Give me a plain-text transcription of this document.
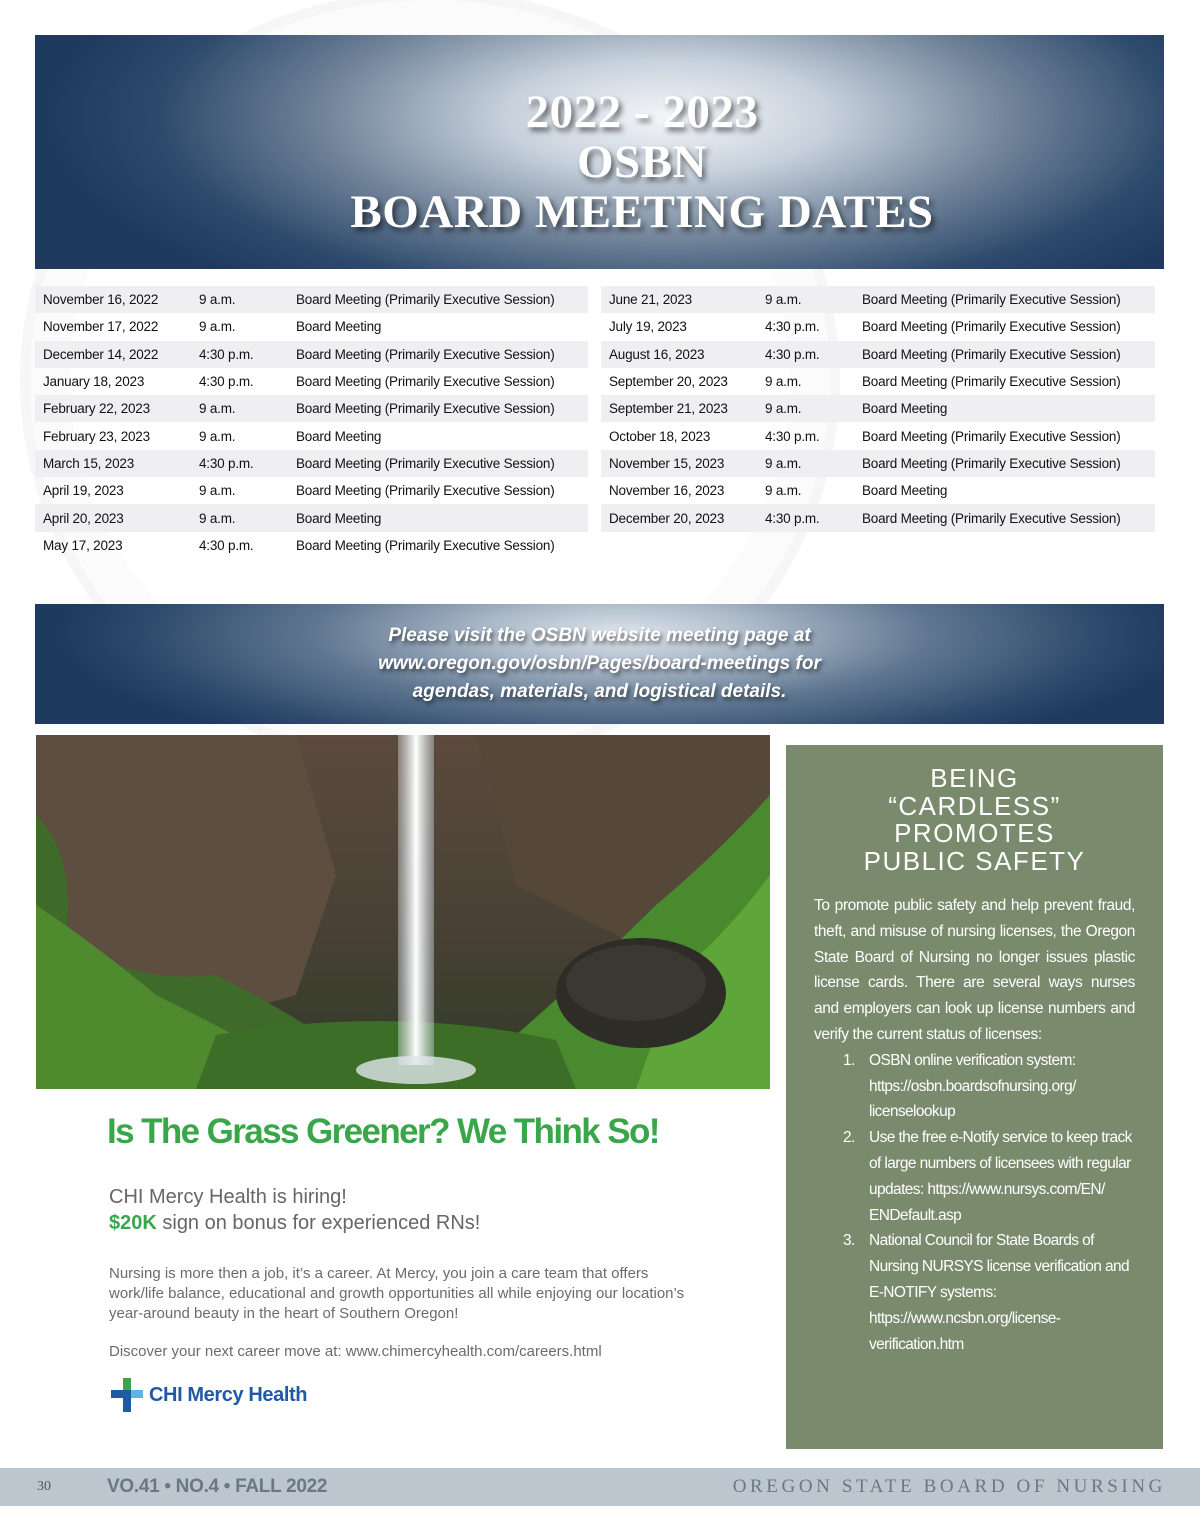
2022 - 2023
OSBN
BOARD MEETING DATES
November 16, 2022	9 a.m.	Board Meeting (Primarily Executive Session)
November 17, 2022	9 a.m.	Board Meeting
December 14, 2022	4:30 p.m.	Board Meeting (Primarily Executive Session)
January 18, 2023	4:30 p.m.	Board Meeting (Primarily Executive Session)
February 22, 2023	9 a.m.	Board Meeting (Primarily Executive Session)
February 23, 2023	9 a.m.	Board Meeting
March 15, 2023	4:30 p.m.	Board Meeting (Primarily Executive Session)
April 19, 2023	9 a.m.	Board Meeting (Primarily Executive Session)
April 20, 2023	9 a.m.	Board Meeting
May 17, 2023	4:30 p.m.	Board Meeting (Primarily Executive Session)
June 21, 2023	9 a.m.	Board Meeting (Primarily Executive Session)
July 19, 2023	4:30 p.m.	Board Meeting (Primarily Executive Session)
August 16, 2023	4:30 p.m.	Board Meeting (Primarily Executive Session)
September 20, 2023	9 a.m.	Board Meeting (Primarily Executive Session)
September 21, 2023	9 a.m.	Board Meeting
October 18, 2023	4:30 p.m.	Board Meeting (Primarily Executive Session)
November 15, 2023	9 a.m.	Board Meeting (Primarily Executive Session)
November 16, 2023	9 a.m.	Board Meeting
December 20, 2023	4:30 p.m.	Board Meeting (Primarily Executive Session)

Please visit the OSBN website meeting page at www.oregon.gov/osbn/Pages/board-meetings for agendas, materials, and logistical details.

Is The Grass Greener? We Think So!
CHI Mercy Health is hiring!
$20K sign on bonus for experienced RNs!

Nursing is more then a job, it’s a career. At Mercy, you join a care team that offers work/life balance, educational and growth opportunities all while enjoying our location’s year-around beauty in the heart of Southern Oregon!

Discover your next career move at: www.chimercyhealth.com/careers.html
CHI Mercy Health
BEING
“CARDLESS”
PROMOTES
PUBLIC SAFETY

To promote public safety and help prevent fraud, theft, and misuse of nursing licenses, the Oregon State Board of Nursing no longer issues plastic license cards. There are several ways nurses and employers can look up license numbers and verify the current status of licenses:

1. OSBN online verification system: https://osbn.boardsofnursing.org/ licenselookup
2. Use the free e-Notify service to keep track of large numbers of licensees with regular updates: https://www.nursys.com/EN/ ENDefault.asp
3. National Council for State Boards of Nursing NURSYS license verification and E-NOTIFY systems: https://www.ncsbn.org/license-verification.htm
30	VO.41 • NO.4 • FALL 2022	OREGON STATE BOARD OF NURSING
